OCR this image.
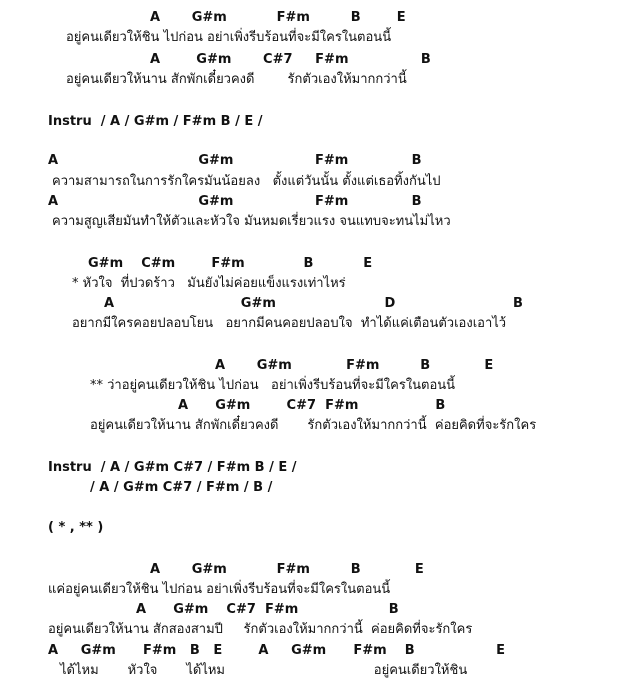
A       G#m           F#m         B        E

อยู่คนเดียวให้ชิน ไปก่อน อย่าเพิ่งรีบร้อนที่จะมีใครในตอนนี้

A        G#m       C#7     F#m                B

อยู่คนเดียวให้นาน สักพักเดี๋ยวคงดี        รักตัวเองให้มากกว่านี้

Instru  / A / G#m / F#m B / E /

A                               G#m                  F#m              B

ความสามารถในการรักใครมันน้อยลง   ตั้งแต่วันนั้น ตั้งแต่เธอทิ้งกันไป

A                               G#m                  F#m              B

ความสูญเสียมันทำให้ตัวและหัวใจ มันหมดเรี่ยวแรง จนแทบจะทนไม่ไหว

G#m    C#m        F#m             B           E

* หัวใจ  ที่ปวดร้าว   มันยังไม่ค่อยแข็งแรงเท่าไหร่

A                            G#m                        D                          B

อยากมีใครคอยปลอบโยน   อยากมีคนคอยปลอบใจ  ทำได้แค่เตือนตัวเองเอาไว้

A       G#m            F#m         B            E

** ว่าอยู่คนเดียวให้ชิน ไปก่อน   อย่าเพิ่งรีบร้อนที่จะมีใครในตอนนี้

A      G#m        C#7  F#m                 B

อยู่คนเดียวให้นาน สักพักเดี๋ยวคงดี       รักตัวเองให้มากกว่านี้  ค่อยคิดที่จะรักใคร

Instru  / A / G#m C#7 / F#m B / E /

/ A / G#m C#7 / F#m / B /

( * , ** )

A       G#m           F#m         B            E

แค่อยู่คนเดียวให้ชิน ไปก่อน อย่าเพิ่งรีบร้อนที่จะมีใครในตอนนี้

A      G#m    C#7  F#m                    B

อยู่คนเดียวให้นาน สักสองสามปี     รักตัวเองให้มากกว่านี้  ค่อยคิดที่จะรักใคร

A     G#m      F#m   B   E        A     G#m      F#m    B                  E

ได้ไหม       หัวใจ       ได้ไหม                                    อยู่คนเดียวให้ชิน
